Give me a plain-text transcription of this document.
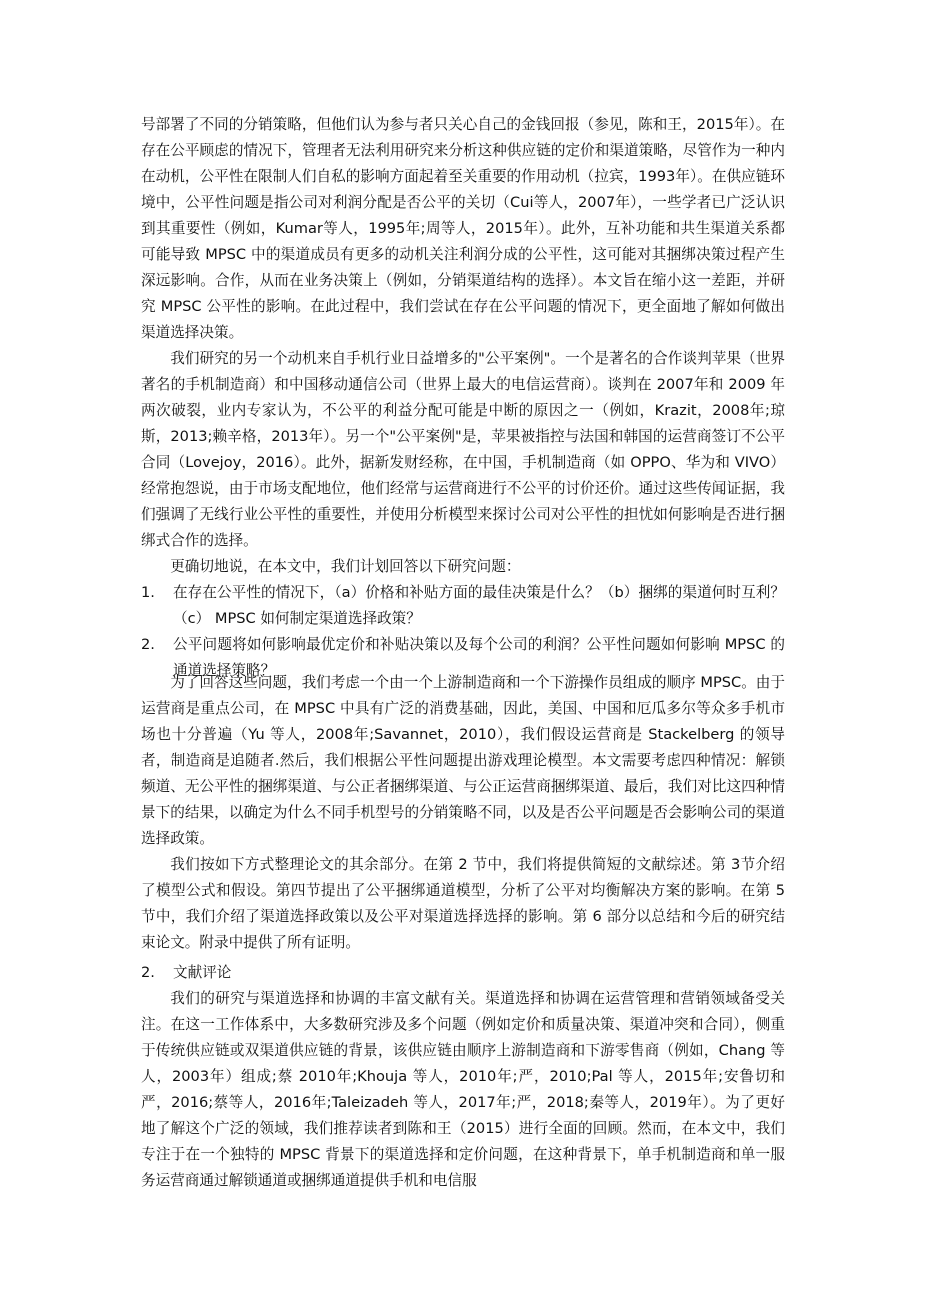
号部署了不同的分销策略，但他们认为参与者只关心自己的金钱回报（参见，陈和王，2015年）。在存在公平顾虑的情况下，管理者无法利用研究来分析这种供应链的定价和渠道策略，尽管作为一种内在动机，公平性在限制人们自私的影响方面起着至关重要的作用动机（拉宾，1993年）。在供应链环境中，公平性问题是指公司对利润分配是否公平的关切（Cui等人，2007年），一些学者已广泛认识到其重要性（例如，Kumar等人，1995年;周等人，2015年）。此外，互补功能和共生渠道关系都可能导致 MPSC 中的渠道成员有更多的动机关注利润分成的公平性，这可能对其捆绑决策过程产生深远影响。合作，从而在业务决策上（例如，分销渠道结构的选择）。本文旨在缩小这一差距，并研究 MPSC 公平性的影响。在此过程中，我们尝试在存在公平问题的情况下，更全面地了解如何做出渠道选择决策。

我们研究的另一个动机来自手机行业日益增多的"公平案例"。一个是著名的合作谈判苹果（世界著名的手机制造商）和中国移动通信公司（世界上最大的电信运营商）。谈判在 2007年和 2009 年两次破裂，业内专家认为，不公平的利益分配可能是中断的原因之一（例如，Krazit，2008年;琼斯，2013;赖辛格，2013年）。另一个"公平案例"是，苹果被指控与法国和韩国的运营商签订不公平合同（Lovejoy，2016）。此外，据新发财经称，在中国，手机制造商（如 OPPO、华为和 VIVO）经常抱怨说，由于市场支配地位，他们经常与运营商进行不公平的讨价还价。通过这些传闻证据，我们强调了无线行业公平性的重要性，并使用分析模型来探讨公司对公平性的担忧如何影响是否进行捆绑式合作的选择。

更确切地说，在本文中，我们计划回答以下研究问题：

1.	在存在公平性的情况下，（a）价格和补贴方面的最佳决策是什么？（b）捆绑的渠道何时互利？（c） MPSC 如何制定渠道选择政策？
2.	公平问题将如何影响最优定价和补贴决策以及每个公司的利润？公平性问题如何影响 MPSC 的通道选择策略？

为了回答这些问题，我们考虑一个由一个上游制造商和一个下游操作员组成的顺序 MPSC。由于运营商是重点公司，在 MPSC 中具有广泛的消费基础，因此，美国、中国和厄瓜多尔等众多手机市场也十分普遍（Yu 等人，2008年;Savannet，2010），我们假设运营商是 Stackelberg 的领导者，制造商是追随者.然后，我们根据公平性问题提出游戏理论模型。本文需要考虑四种情况：解锁频道、无公平性的捆绑渠道、与公正者捆绑渠道、与公正运营商捆绑渠道、最后，我们对比这四种情景下的结果，以确定为什么不同手机型号的分销策略不同，以及是否公平问题是否会影响公司的渠道选择政策。

我们按如下方式整理论文的其余部分。在第 2 节中，我们将提供简短的文献综述。第 3节介绍了模型公式和假设。第四节提出了公平捆绑通道模型，分析了公平对均衡解决方案的影响。在第 5 节中，我们介绍了渠道选择政策以及公平对渠道选择选择的影响。第 6 部分以总结和今后的研究结束论文。附录中提供了所有证明。

2.	文献评论

我们的研究与渠道选择和协调的丰富文献有关。渠道选择和协调在运营管理和营销领域备受关注。在这一工作体系中，大多数研究涉及多个问题（例如定价和质量决策、渠道冲突和合同），侧重于传统供应链或双渠道供应链的背景，该供应链由顺序上游制造商和下游零售商（例如，Chang 等人，2003年）组成;蔡 2010年;Khouja 等人，2010年;严，2010;Pal 等人，2015年;安鲁切和严，2016;蔡等人，2016年;Taleizadeh 等人，2017年;严，2018;秦等人，2019年）。为了更好地了解这个广泛的领域，我们推荐读者到陈和王（2015）进行全面的回顾。然而，在本文中，我们专注于在一个独特的 MPSC 背景下的渠道选择和定价问题，在这种背景下，单手机制造商和单一服务运营商通过解锁通道或捆绑通道提供手机和电信服
